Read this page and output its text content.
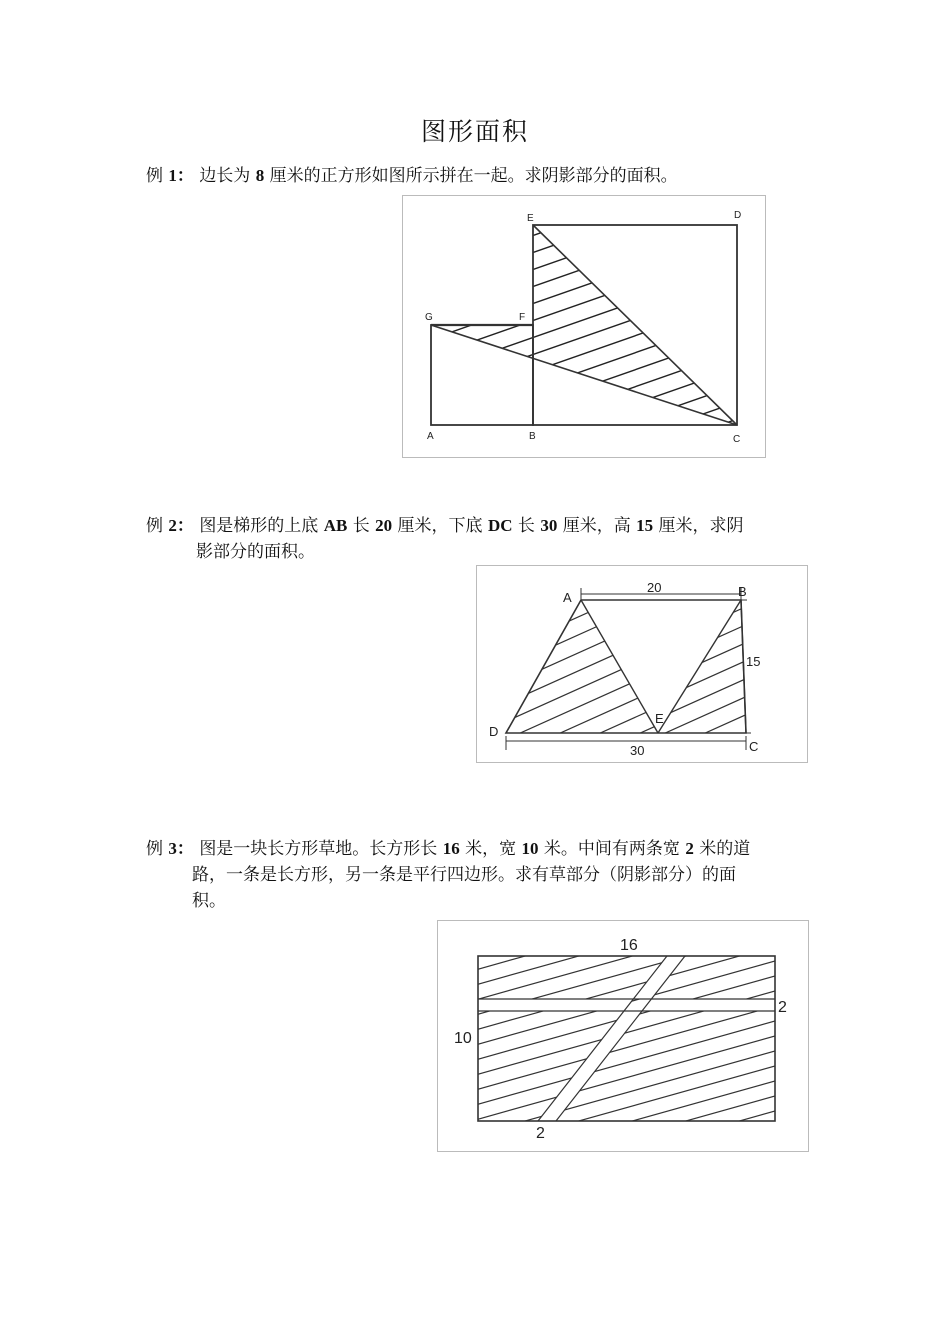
图形面积
例 1： 边长为 8 厘米的正方形如图所示拼在一起。求阴影部分的面积。
E	D
G	F
A	B	C
例 2： 图是梯形的上底 AB 长 20 厘米，下底 DC 长 30 厘米，高 15 厘米，求阴
影部分的面积。
A	B
D
E
C
20
15
30
例 3： 图是一块长方形草地。长方形长 16 米，宽 10 米。中间有两条宽 2 米的道
路，一条是长方形，另一条是平行四边形。求有草部分（阴影部分）的面
积。
16
2
10
2
